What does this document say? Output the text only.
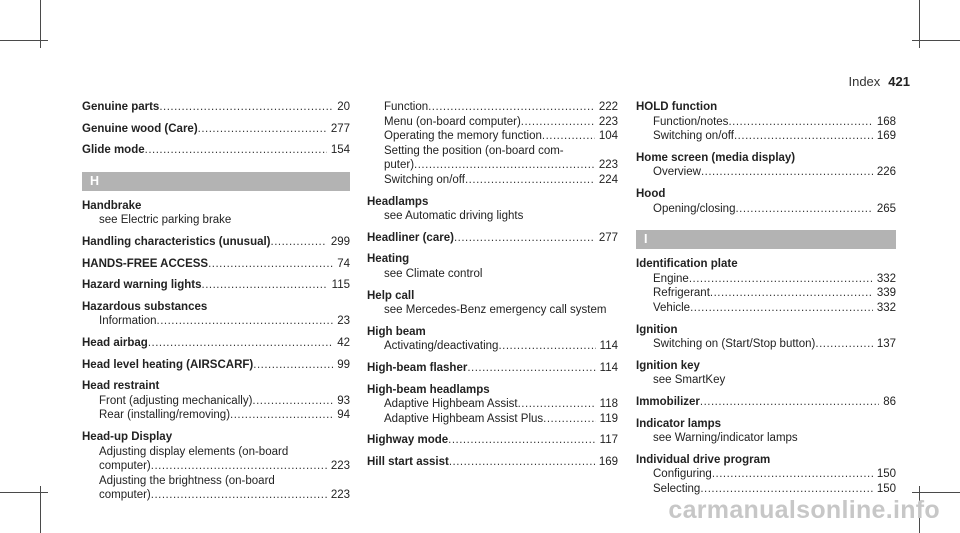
Index 421
Genuine parts .....	20
Genuine wood (Care) .....	277
Glide mode .....	154
H
Handbrake
see Electric parking brake
Handling characteristics (unusual) .....	299
HANDS-FREE ACCESS .....	74
Hazard warning lights .....	115
Hazardous substances
Information .....	23
Head airbag .....	42
Head level heating (AIRSCARF) .....	99
Head restraint
Front (adjusting mechanically) .....	93
Rear (installing/removing) .....	94
Head-up Display
Adjusting display elements (on-board
computer) .....	223
Adjusting the brightness (on-board
computer) .....	223
Function .....	222
Menu (on-board computer) .....	223
Operating the memory function .....	104
Setting the position (on-board com-
puter) .....	223
Switching on/off .....	224
Headlamps
see Automatic driving lights
Headliner (care) .....	277
Heating
see Climate control
Help call
see Mercedes-Benz emergency call system
High beam
Activating/deactivating .....	114
High-beam flasher .....	114
High-beam headlamps
Adaptive Highbeam Assist .....	118
Adaptive Highbeam Assist Plus .....	119
Highway mode .....	117
Hill start assist .....	169
HOLD function
Function/notes .....	168
Switching on/off .....	169
Home screen (media display)
Overview .....	226
Hood
Opening/closing .....	265
I
Identification plate
Engine .....	332
Refrigerant .....	339
Vehicle .....	332
Ignition
Switching on (Start/Stop button) .....	137
Ignition key
see SmartKey
Immobilizer .....	86
Indicator lamps
see Warning/indicator lamps
Individual drive program
Configuring .....	150
Selecting .....	150
carmanualsonline.info
